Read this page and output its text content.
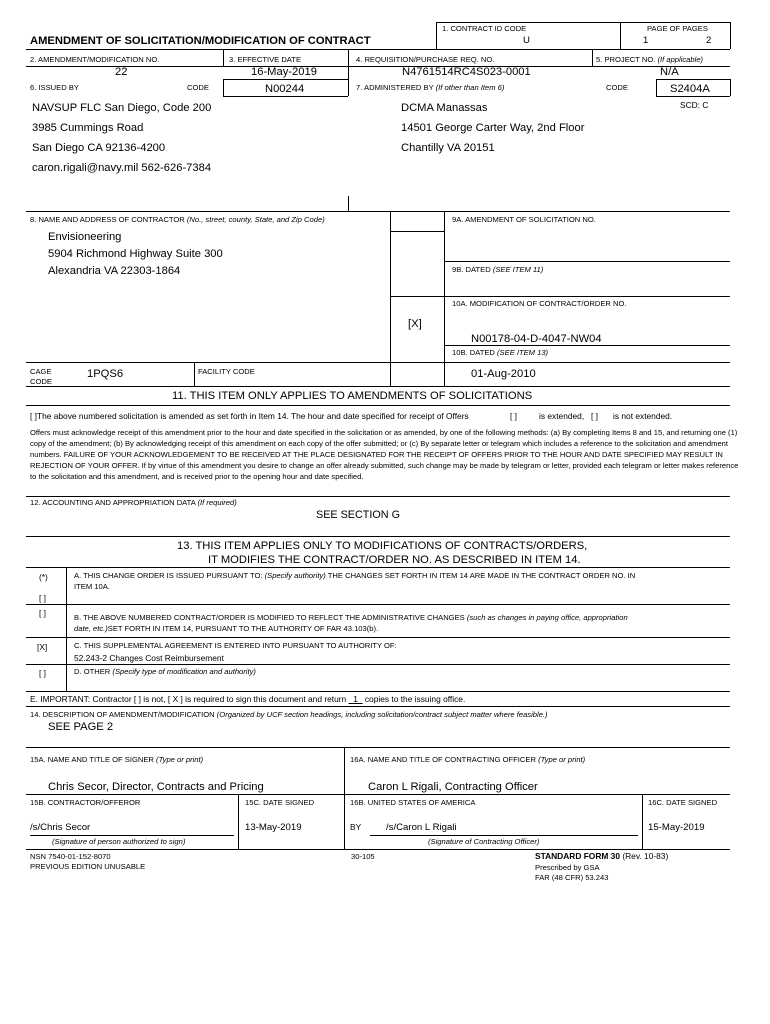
AMENDMENT OF SOLICITATION/MODIFICATION OF CONTRACT
1. CONTRACT ID CODE
U
PAGE OF PAGES
1	2
2. AMENDMENT/MODIFICATION NO.
22
3. EFFECTIVE DATE
16-May-2019
4. REQUISITION/PURCHASE REQ. NO.
N4761514RC4S023-0001
5. PROJECT NO. (If applicable)
N/A
6. ISSUED BY	CODE	N00244	7. ADMINISTERED BY (If other than Item 6)	CODE	S2404A
SCD: C
NAVSUP FLC San Diego, Code 200
3985 Cummings Road
San Diego CA 92136-4200
caron.rigali@navy.mil 562-626-7384
DCMA Manassas
14501 George Carter Way, 2nd Floor
Chantilly VA 20151
8. NAME AND ADDRESS OF CONTRACTOR (No., street, county, State, and Zip Code)
Envisioneering
5904 Richmond Highway Suite 300
Alexandria VA 22303-1864
9A. AMENDMENT OF SOLICITATION NO.
9B. DATED (SEE ITEM 11)
10A. MODIFICATION OF CONTRACT/ORDER NO.
[X]
N00178-04-D-4047-NW04
10B. DATED (SEE ITEM 13)
01-Aug-2010
CAGE
CODE
1PQS6	FACILITY CODE
11. THIS ITEM ONLY APPLIES TO AMENDMENTS OF SOLICITATIONS
[ ]The above numbered solicitation is amended as set forth in Item 14. The hour and date specified for receipt of Offers	[ ]	is extended, [ ] is not extended.
Offers must acknowledge receipt of this amendment prior to the hour and date specified in the solicitation or as amended, by one of the following methods: (a) By completing Items 8 and 15, and returning one (1) copy of the amendment; (b) By acknowledging receipt of this amendment on each copy of the offer submitted; or (c) By separate letter or telegram which includes a reference to the solicitation and amendment numbers. FAILURE OF YOUR ACKNOWLEDGEMENT TO BE RECEIVED AT THE PLACE DESIGNATED FOR THE RECEIPT OF OFFERS PRIOR TO THE HOUR AND DATE SPECIFIED MAY RESULT IN REJECTION OF YOUR OFFER. If by virtue of this amendment you desire to change an offer already submitted, such change may be made by telegram or letter, provided each telegram or letter makes reference to the solicitation and this amendment, and is received prior to the opening hour and date specified.
12. ACCOUNTING AND APPROPRIATION DATA (If required)
SEE SECTION G
13. THIS ITEM APPLIES ONLY TO MODIFICATIONS OF CONTRACTS/ORDERS,
IT MODIFIES THE CONTRACT/ORDER NO. AS DESCRIBED IN ITEM 14.
(*)
[ ]
A. THIS CHANGE ORDER IS ISSUED PURSUANT TO: (Specify authority) THE CHANGES SET FORTH IN ITEM 14 ARE MADE IN THE CONTRACT ORDER NO. IN
ITEM 10A.
[ ]	B. THE ABOVE NUMBERED CONTRACT/ORDER IS MODIFIED TO REFLECT THE ADMINISTRATIVE CHANGES (such as changes in paying office, appropriation
date, etc.)SET FORTH IN ITEM 14, PURSUANT TO THE AUTHORITY OF FAR 43.103(b).
[X]	C. THIS SUPPLEMENTAL AGREEMENT IS ENTERED INTO PURSUANT TO AUTHORITY OF:
52.243-2 Changes Cost Reimbursement
[ ]	D. OTHER (Specify type of modification and authority)
E. IMPORTANT: Contractor [ ] is not, [ X ] is required to sign this document and return 1 copies to the issuing office.
14. DESCRIPTION OF AMENDMENT/MODIFICATION (Organized by UCF section headings, including solicitation/contract subject matter where feasible.)
SEE PAGE 2
15A. NAME AND TITLE OF SIGNER (Type or print)
Chris Secor, Director, Contracts and Pricing
16A. NAME AND TITLE OF CONTRACTING OFFICER (Type or print)
Caron L Rigali, Contracting Officer
15B. CONTRACTOR/OFFEROR
/s/Chris Secor
(Signature of person authorized to sign)
15C. DATE SIGNED
13-May-2019
16B. UNITED STATES OF AMERICA
BY	/s/Caron L Rigali
(Signature of Contracting Officer)
16C. DATE SIGNED
15-May-2019
NSN 7540-01-152-8070
PREVIOUS EDITION UNUSABLE
30-105	STANDARD FORM 30 (Rev. 10-83)
Prescribed by GSA
FAR (48 CFR) 53.243
